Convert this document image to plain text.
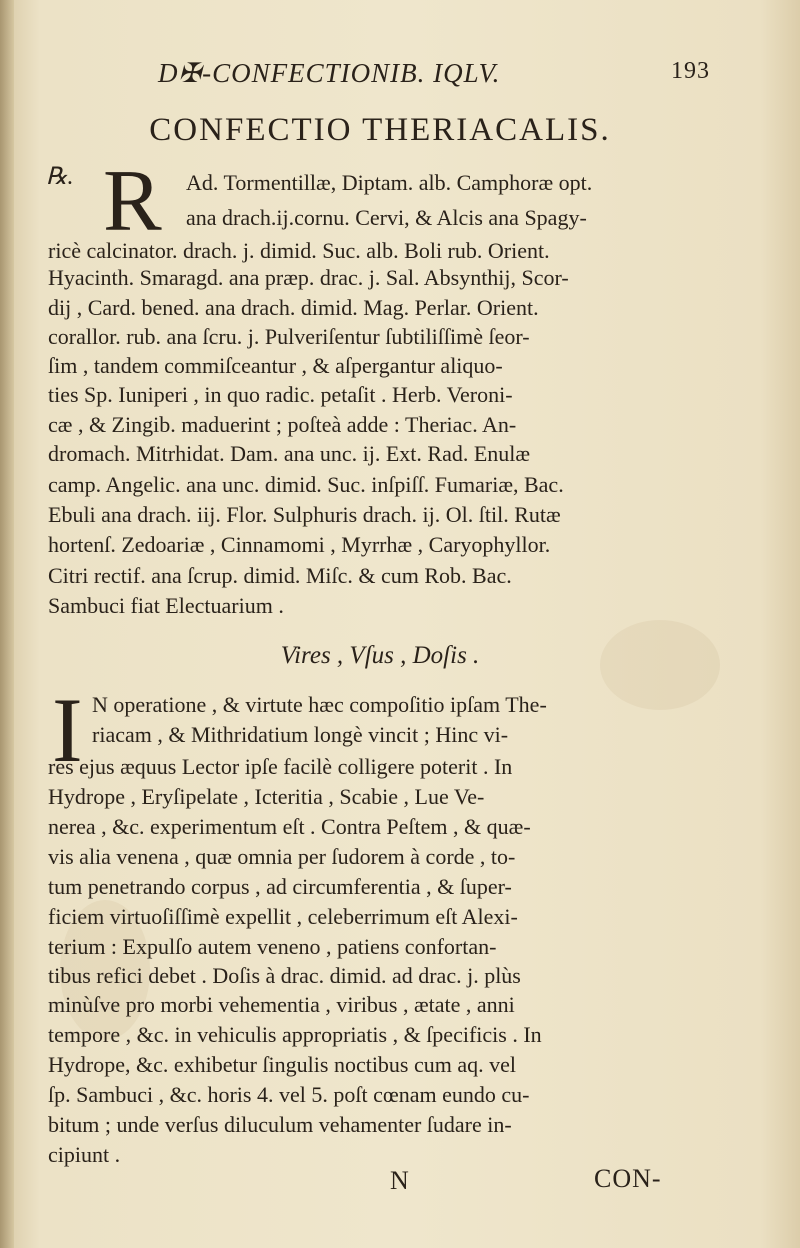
D✠-CONFECTIONIB. IQLV.	193
CONFECTIO THERIACALIS.
℞. R Ad. Tormentillæ, Diptam. alb. Camphoræ opt.
ana drach.ij.cornu. Cervi, & Alcis ana Spagy-
ricè calcinator. drach. j. dimid. Suc. alb. Boli rub. Orient.
Hyacinth. Smaragd. ana præp. drac. j. Sal. Absynthij, Scor-
dij , Card. bened. ana drach. dimid. Mag. Perlar. Orient.
corallor. rub. ana ſcru. j. Pulveriſentur ſubtiliſſimè ſeor-
ſim , tandem commiſceantur , & aſpergantur aliquo-
ties Sp. Iuniperi , in quo radic. petaſit . Herb. Veroni-
cæ , & Zingib. maduerint ; poſteà adde : Theriac. An-
dromach. Mitrhidat. Dam. ana unc. ij. Ext. Rad. Enulæ
camp. Angelic. ana unc. dimid. Suc. inſpiſſ. Fumariæ, Bac.
Ebuli ana drach. iij. Flor. Sulphuris drach. ij. Ol. ſtil. Rutæ
hortenſ. Zedoariæ , Cinnamomi , Myrrhæ , Caryophyllor.
Citri rectif. ana ſcrup. dimid. Miſc. & cum Rob. Bac.
Sambuci fiat Electuarium .
Vires , Vſus , Doſis .
I N operatione , & virtute hæc compoſitio ipſam The-
riacam , & Mithridatium longè vincit ; Hinc vi-
res ejus æquus Lector ipſe facilè colligere poterit . In
Hydrope , Eryſipelate , Icteritia , Scabie , Lue Ve-
nerea , &c. experimentum eſt . Contra Peſtem , & quæ-
vis alia venena , quæ omnia per ſudorem à corde , to-
tum penetrando corpus , ad circumferentia , & ſuper-
ficiem virtuoſiſſimè expellit , celeberrimum eſt Alexi-
terium : Expulſo autem veneno , patiens confortan-
tibus refici debet . Doſis à drac. dimid. ad drac. j. plùs
minùſve pro morbi vehementia , viribus , ætate , anni
tempore , &c. in vehiculis appropriatis , & ſpecificis . In
Hydrope, &c. exhibetur ſingulis noctibus cum aq. vel
ſp. Sambuci , &c. horis 4. vel 5. poſt cœnam eundo cu-
bitum ; unde verſus diluculum vehamenter ſudare in-
cipiunt .
N	CON-
